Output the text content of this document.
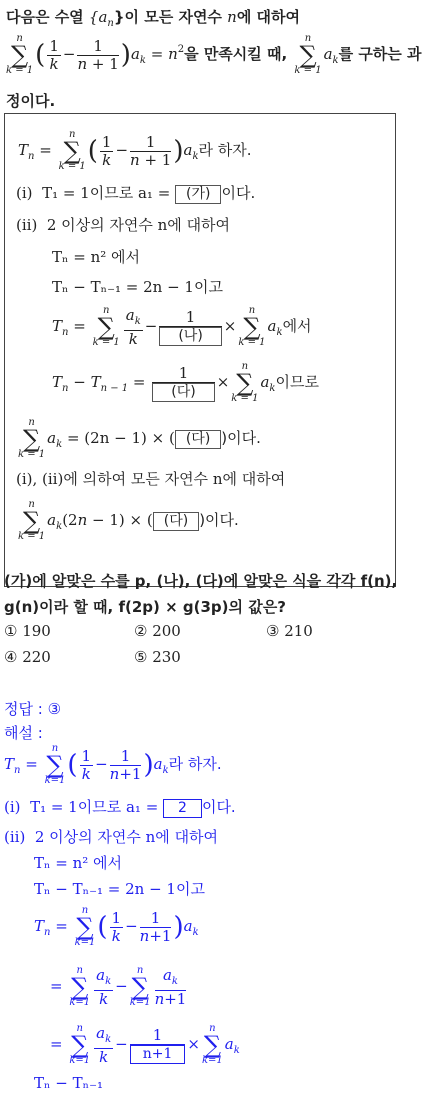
다음은 수열 $\{a_n\}$이 모든 자연수 n에 대하여
n
∑
k = 1
( $\frac{1}{k} - \frac{1}{n + 1} )a_k = n^2$을 만족시킬 때,
n
∑
k = 1
$a_k$를 구하는 과
정이다.
$T_n$ =
n
∑
k = 1
( $\frac{1}{k} - \frac{1}{n + 1} )a_k$라 하자.
(ⅰ) T₁ = 1이므로 a₁ = (가) 이다.
(ⅱ) 2 이상의 자연수 n에 대하여
Tₙ = n² 에서
Tₙ − Tₙ₋₁ = 2n − 1이고
$T_n$ =
n
∑
$k = 1 \frac{a_k}{k} - \frac{1}{\text{(나)}}$ ×
n
∑
k = 1
$a_k$에서
$T_n - T_{n - 1} = \frac{1}{\text{(다)}}$ ×
n
∑
k = 1
$a_k$이므로
n
∑
k = 1
$a_k = (2n - 1)$ × ( (다) )이다.
(ⅰ), (ⅱ)에 의하여 모든 자연수 n에 대하여
n
∑
k = 1
$a_k(2n - 1)$ × ( (다) )이다.
(가)에 알맞은 수를 p, (나), (다)에 알맞은 식을 각각 f(n),
g(n)이라 할 때, f(2p) × g(3p)의 값은?
① 190	② 200	③ 210
④ 220	⑤ 230
정답 : ③
해설 :
$T_n$ =
n
∑
k=1
( $\frac{1}{k} - \frac{1}{n+1} )a_k$라 하자.
(ⅰ) T₁ = 1이므로 a₁ = 2 이다.
(ⅱ) 2 이상의 자연수 n에 대하여
Tₙ = n² 에서
Tₙ − Tₙ₋₁ = 2n − 1이고
$T_n$ =
n
∑
k=1
( $\frac{1}{k} - \frac{1}{n+1} )a_k$
=
n
∑
$k=1 \frac{a_k}{k}$ −
n
∑
$k=1 \frac{a_k}{n+1}$
=
n
∑
$k=1 \frac{a_k}{k} - \frac{1}{n+1}$ ×
n
∑
k=1
$a_k$
Tₙ − Tₙ₋₁
